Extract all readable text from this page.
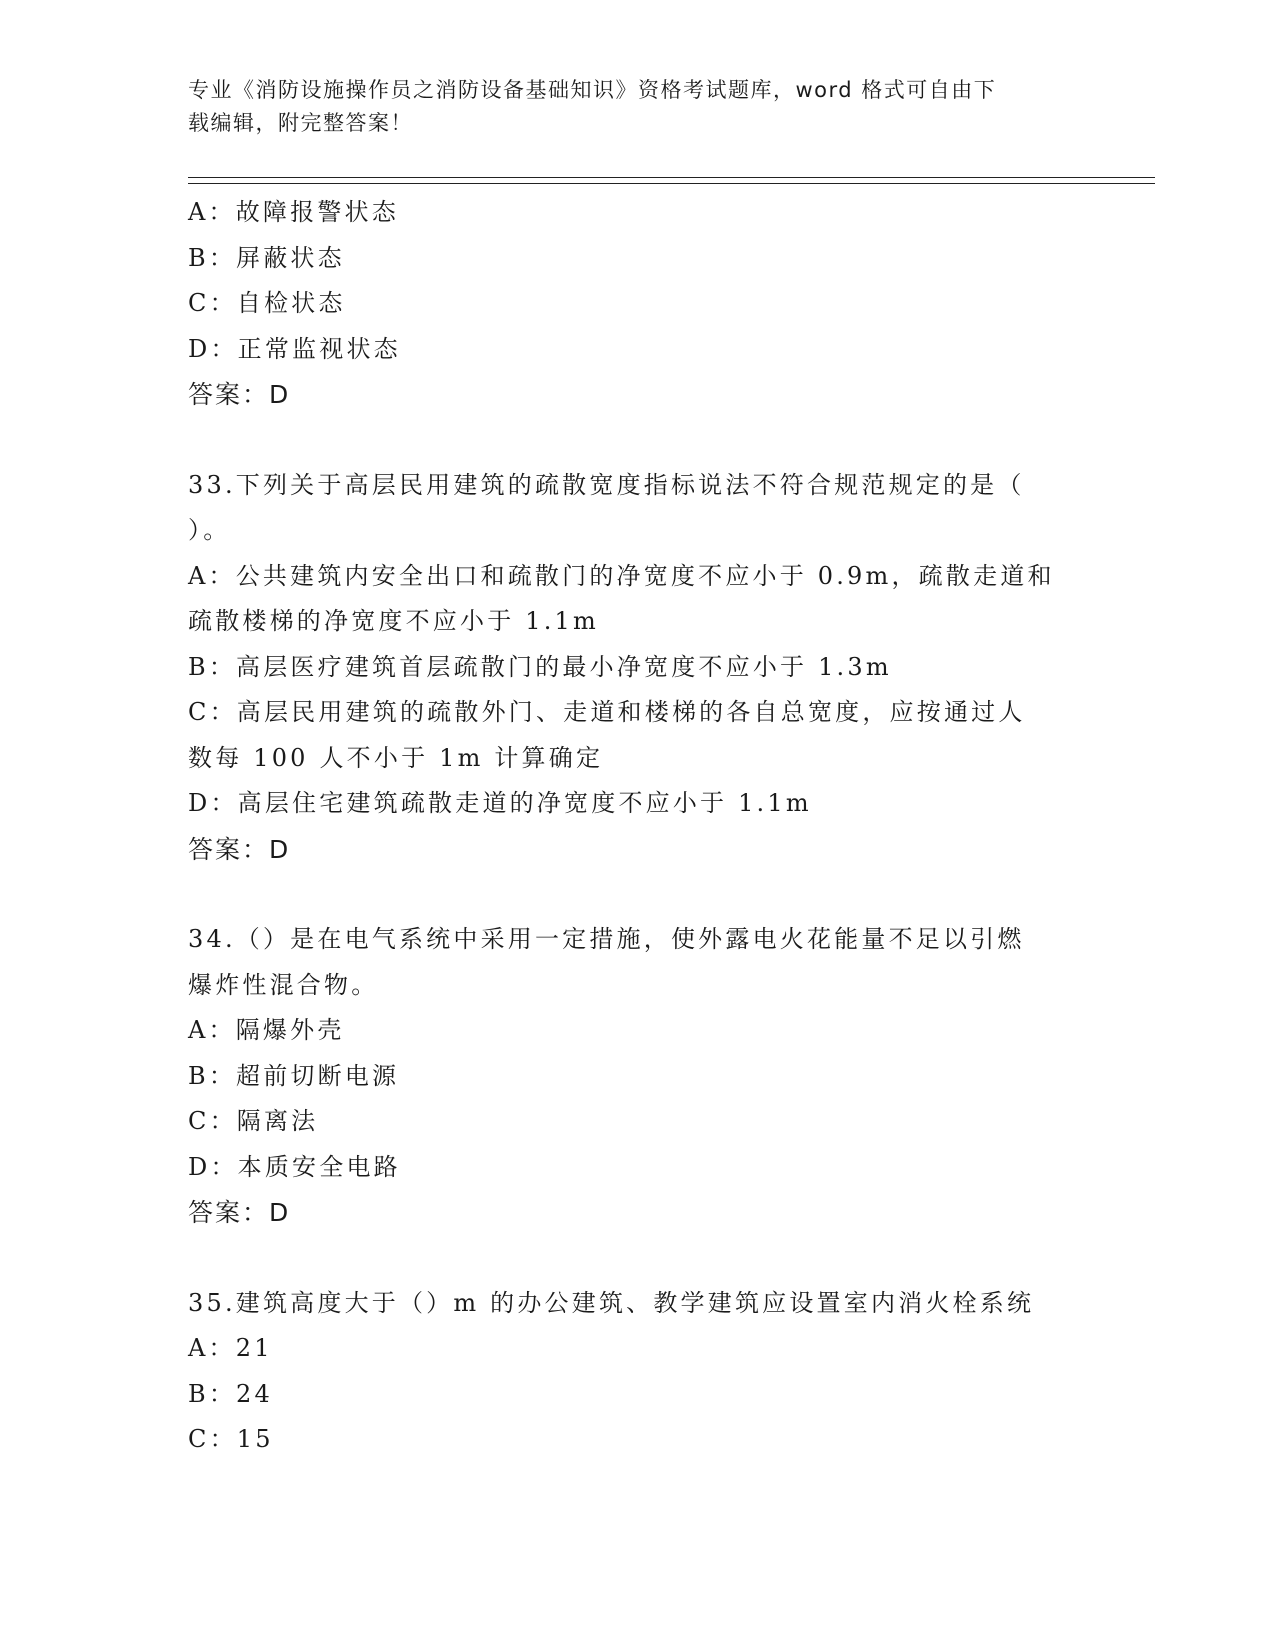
专业《消防设施操作员之消防设备基础知识》资格考试题库，word 格式可自由下
载编辑，附完整答案！
A：故障报警状态
B：屏蔽状态
C：自检状态
D：正常监视状态
答案：D
33.下列关于高层民用建筑的疏散宽度指标说法不符合规范规定的是（
）。
A：公共建筑内安全出口和疏散门的净宽度不应小于 0.9m，疏散走道和
疏散楼梯的净宽度不应小于 1.1m
B：高层医疗建筑首层疏散门的最小净宽度不应小于 1.3m
C：高层民用建筑的疏散外门、走道和楼梯的各自总宽度，应按通过人
数每 100 人不小于 1m 计算确定
D：高层住宅建筑疏散走道的净宽度不应小于 1.1m
答案：D
34.（）是在电气系统中采用一定措施，使外露电火花能量不足以引燃
爆炸性混合物。
A：隔爆外壳
B：超前切断电源
C：隔离法
D：本质安全电路
答案：D
35.建筑高度大于（）m 的办公建筑、教学建筑应设置室内消火栓系统
A：21
B：24
C：15
